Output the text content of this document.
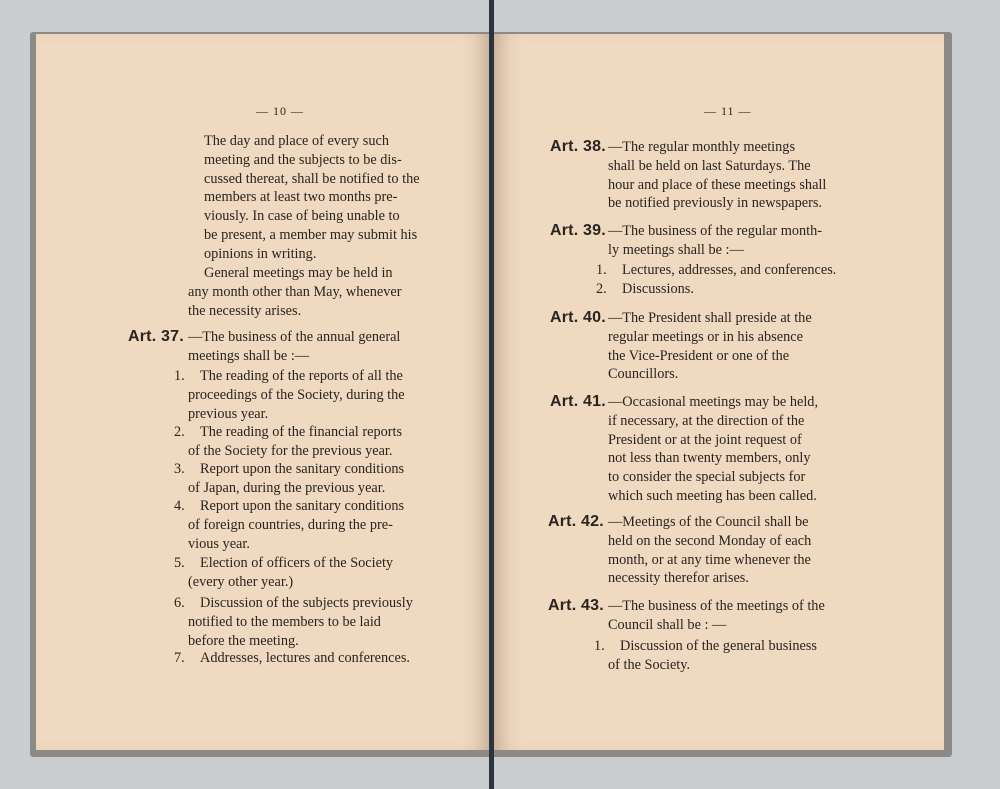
— 10 —
The day and place of every such
meeting and the subjects to be dis-
cussed thereat, shall be notified to the
members at least two months pre-
viously. In case of being unable to
be present, a member may submit his
opinions in writing.
General meetings may be held in
any month other than May, whenever
the necessity arises.
Art. 37. —The business of the annual general
meetings shall be :—
1. The reading of the reports of all the
proceedings of the Society, during the
previous year.
2. The reading of the financial reports
of the Society for the previous year.
3. Report upon the sanitary conditions
of Japan, during the previous year.
4. Report upon the sanitary conditions
of foreign countries, during the pre-
vious year.
5. Election of officers of the Society
(every other year.)
6. Discussion of the subjects previously
notified to the members to be laid
before the meeting.
7. Addresses, lectures and conferences.
— 11 —
Art. 38. —The regular monthly meetings
shall be held on last Saturdays. The
hour and place of these meetings shall
be notified previously in newspapers.
Art. 39. —The business of the regular month-
ly meetings shall be :—
1. Lectures, addresses, and conferences.
2. Discussions.
Art. 40. —The President shall preside at the
regular meetings or in his absence
the Vice-President or one of the
Councillors.
Art. 41. —Occasional meetings may be held,
if necessary, at the direction of the
President or at the joint request of
not less than twenty members, only
to consider the special subjects for
which such meeting has been called.
Art. 42. —Meetings of the Council shall be
held on the second Monday of each
month, or at any time whenever the
necessity therefor arises.
Art. 43. —The business of the meetings of the
Council shall be : —
1. Discussion of the general business
of the Society.
